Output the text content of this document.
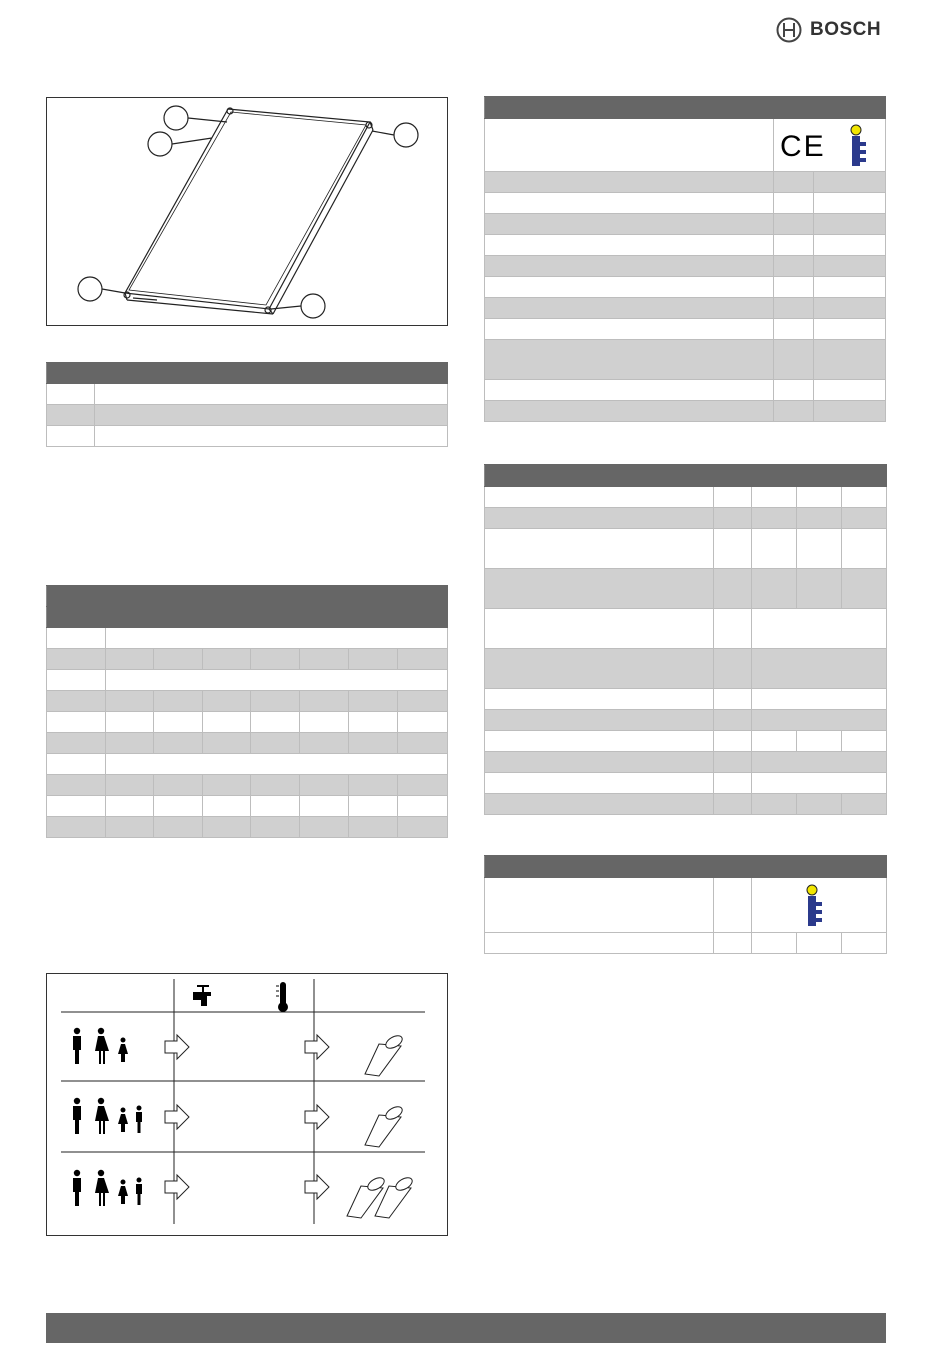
BOSCH

	CE	
